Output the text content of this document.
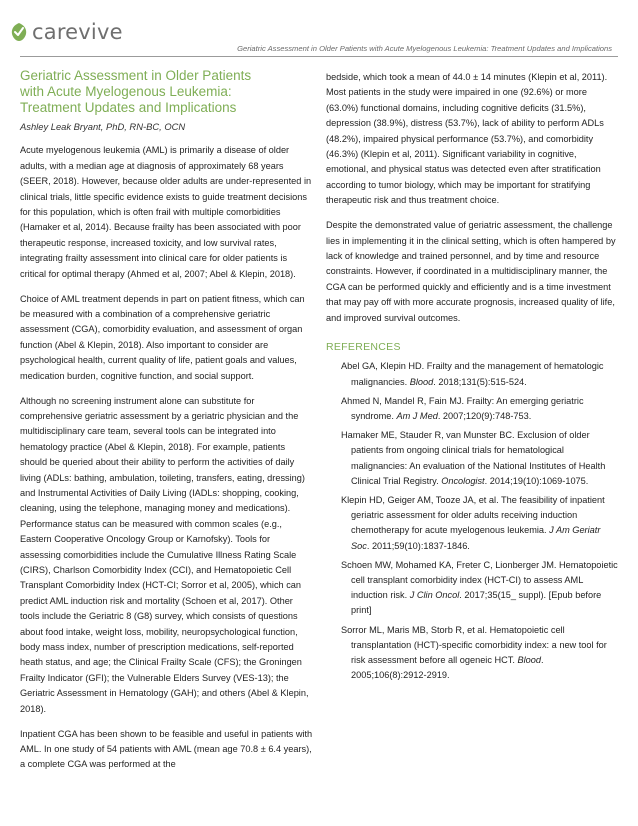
carevive
Geriatric Assessment in Older Patients with Acute Myelogenous Leukemia: Treatment Updates and Implications
Geriatric Assessment in Older Patients
with Acute Myelogenous Leukemia:
Treatment Updates and Implications
Ashley Leak Bryant, PhD, RN-BC, OCN

Acute myelogenous leukemia (AML) is primarily a disease of older adults, with a median age at diagnosis of approximately 68 years (SEER, 2018). However, because older adults are under-represented in clinical trials, little specific evidence exists to guide treatment decisions for this population, which is often frail with multiple comorbidities (Hamaker et al, 2014). Because frailty has been associated with poor therapeutic response, increased toxicity, and low survival rates, integrating frailty assessment into clinical care for older patients is critical for optimal therapy (Ahmed et al, 2007; Abel & Klepin, 2018).

Choice of AML treatment depends in part on patient fitness, which can be measured with a combination of a comprehensive geriatric assessment (CGA), comorbidity evaluation, and assessment of organ function (Abel & Klepin, 2018). Also important to consider are psychological health, current quality of life, patient goals and values, medication burden, cognitive function, and social support.

Although no screening instrument alone can substitute for comprehensive geriatric assessment by a geriatric physician and the multidisciplinary care team, several tools can be integrated into hematology practice (Abel & Klepin, 2018). For example, patients should be queried about their ability to perform the activities of daily living (ADLs: bathing, ambulation, toileting, transfers, eating, dressing) and Instrumental Activities of Daily Living (IADLs: shopping, cooking, cleaning, using the telephone, managing money and medications). Performance status can be measured with common scales (e.g., Eastern Cooperative Oncology Group or Karnofsky). Tools for assessing comorbidities include the Cumulative Illness Rating Scale (CIRS), Charlson Comorbidity Index (CCI), and Hematopoietic Cell Transplant Comorbidity Index (HCT-CI; Sorror et al, 2005), which can predict AML induction risk and mortality (Schoen et al, 2017). Other tools include the Geriatric 8 (G8) survey, which consists of questions about food intake, weight loss, mobility, neuropsychological function, body mass index, number of prescription medications, self-reported heath status, and age; the Clinical Frailty Scale (CFS); the Groningen Frailty Indicator (GFI); the Vulnerable Elders Survey (VES-13); the Geriatric Assessment in Hematology (GAH); and others (Abel & Klepin, 2018).

Inpatient CGA has been shown to be feasible and useful in patients with AML. In one study of 54 patients with AML (mean age 70.8 ± 6.4 years), a complete CGA was performed at the

bedside, which took a mean of 44.0 ± 14 minutes (Klepin et al, 2011). Most patients in the study were impaired in one (92.6%) or more (63.0%) functional domains, including cognitive deficits (31.5%), depression (38.9%), distress (53.7%), lack of ability to perform ADLs (48.2%), impaired physical performance (53.7%), and comorbidity (46.3%) (Klepin et al, 2011). Significant variability in cognitive, emotional, and physical status was detected even after stratification according to tumor biology, which may be important for stratifying therapeutic risk and thus treatment choice.

Despite the demonstrated value of geriatric assessment, the challenge lies in implementing it in the clinical setting, which is often hampered by lack of knowledge and trained personnel, and by time and resource constraints. However, if coordinated in a multidisciplinary manner, the CGA can be performed quickly and efficiently and is a time investment that may pay off with more accurate prognosis, increased quality of life, and improved survival outcomes.

REFERENCES
Abel GA, Klepin HD. Frailty and the management of hematologic malignancies. Blood. 2018;131(5):515-524.
Ahmed N, Mandel R, Fain MJ. Frailty: An emerging geriatric syndrome. Am J Med. 2007;120(9):748-753.
Hamaker ME, Stauder R, van Munster BC. Exclusion of older patients from ongoing clinical trials for hematological malignancies: An evaluation of the National Institutes of Health Clinical Trial Registry. Oncologist. 2014;19(10):1069-1075.
Klepin HD, Geiger AM, Tooze JA, et al. The feasibility of inpatient geriatric assessment for older adults receiving induction chemotherapy for acute myelogenous leukemia. J Am Geriatr Soc. 2011;59(10):1837-1846.
Schoen MW, Mohamed KA, Freter C, Lionberger JM. Hematopoietic cell transplant comorbidity index (HCT-CI) to assess AML induction risk. J Clin Oncol. 2017;35(15_ suppl). [Epub before print]
Sorror ML, Maris MB, Storb R, et al. Hematopoietic cell transplantation (HCT)-specific comorbidity index: a new tool for risk assessment before all ogeneic HCT. Blood. 2005;106(8):2912-2919.
